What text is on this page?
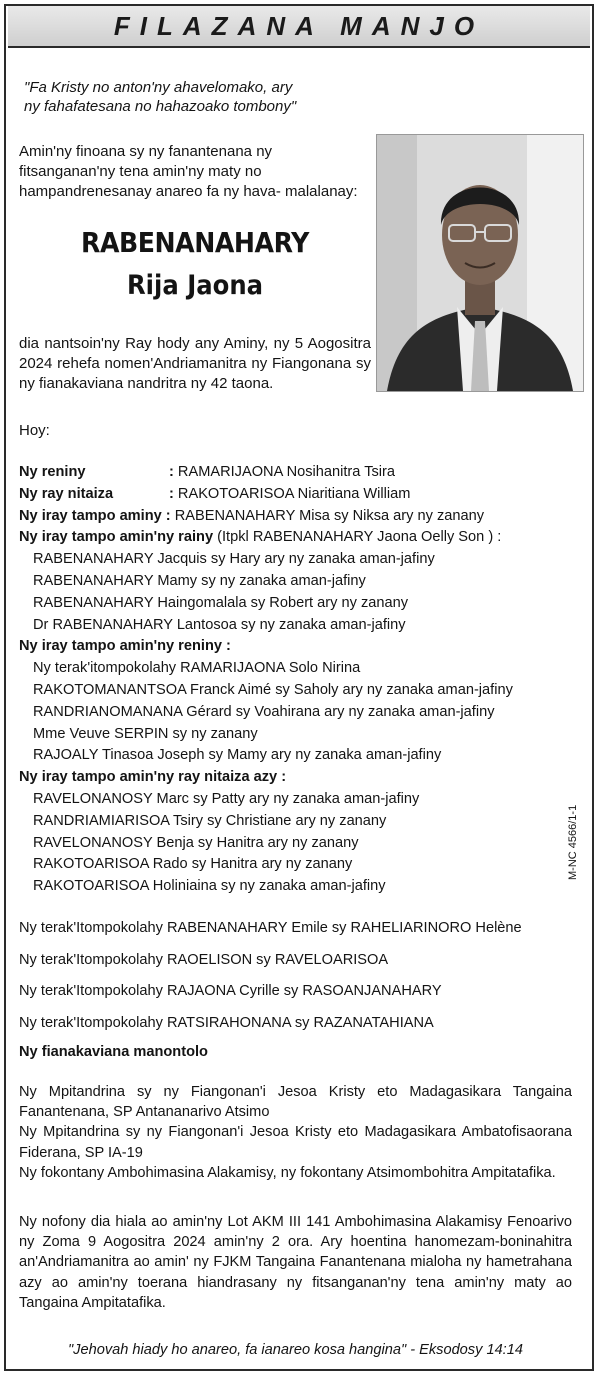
FILAZANA MANJO
"Fa Kristy no anton'ny ahavelomako, ary
ny fahafatesana no hahazoako tombony"
Amin'ny finoana sy ny fanantenana ny fitsanganan'ny tena amin'ny maty no hampandrenesanay anareo fa ny hava- malalanay:
RABENANAHARY
Rija Jaona
dia nantsoin'ny Ray hody any Aminy, ny 5 Aogositra 2024 rehefa nomen'Andriamanitra ny Fiangonana sy ny fianakaviana nandritra ny 42 taona.
Hoy:
Ny reniny	: RAMARIJAONA Nosihanitra Tsira
Ny ray nitaiza	: RAKOTOARISOA Niaritiana William
Ny iray tampo aminy : RABENANAHARY Misa sy Niksa ary ny zanany
Ny iray tampo amin'ny rainy (Itpkl RABENANAHARY Jaona Oelly Son ) :
RABENANAHARY Jacquis sy Hary ary ny zanaka aman-jafiny
RABENANAHARY Mamy sy ny zanaka aman-jafiny
RABENANAHARY Haingomalala sy Robert ary ny zanany
Dr RABENANAHARY Lantosoa sy ny zanaka aman-jafiny
Ny iray tampo amin'ny reniny :
Ny terak'itompokolahy RAMARIJAONA Solo Nirina
RAKOTOMANANTSOA Franck Aimé sy Saholy ary ny zanaka aman-jafiny
RANDRIANOMANANA Gérard sy Voahirana ary ny zanaka aman-jafiny
Mme Veuve SERPIN sy ny zanany
RAJOALY Tinasoa Joseph sy Mamy ary ny zanaka aman-jafiny
Ny iray tampo amin'ny ray nitaiza azy :
RAVELONANOSY Marc sy Patty ary ny zanaka aman-jafiny
RANDRIAMIARISOA Tsiry sy Christiane ary ny zanany
RAVELONANOSY Benja sy Hanitra ary ny zanany
RAKOTOARISOA Rado sy Hanitra ary ny zanany
RAKOTOARISOA Holiniaina sy ny zanaka aman-jafiny
M-NC 4566/1-1
Ny terak'Itompokolahy RABENANAHARY Emile sy RAHELIARINORO Helène
Ny terak'Itompokolahy RAOELISON sy RAVELOARISOA
Ny terak'Itompokolahy RAJAONA Cyrille sy RASOANJANAHARY
Ny terak'Itompokolahy RATSIRAHONANA sy RAZANATAHIANA
Ny fianakaviana manontolo
Ny Mpitandrina sy ny Fiangonan'i Jesoa Kristy eto Madagasikara Tangaina Fanantenana, SP Antananarivo Atsimo
Ny Mpitandrina sy ny Fiangonan'i Jesoa Kristy eto Madagasikara Ambatofisaorana Fiderana, SP IA-19
Ny fokontany Ambohimasina Alakamisy, ny fokontany Atsimombohitra Ampitatafika.
Ny nofony dia hiala ao amin'ny Lot AKM III 141 Ambohimasina Alakamisy Fenoarivo ny Zoma 9 Aogositra 2024 amin'ny 2 ora. Ary hoentina hanomezam-boninahitra an'Andriamanitra ao amin' ny FJKM Tangaina Fanantenana mialoha ny hametrahana azy ao amin'ny toerana hiandrasany ny fitsanganan'ny tena amin'ny maty ao Tangaina Ampitatafika.
"Jehovah hiady ho anareo, fa ianareo kosa hangina" - Eksodosy 14:14
